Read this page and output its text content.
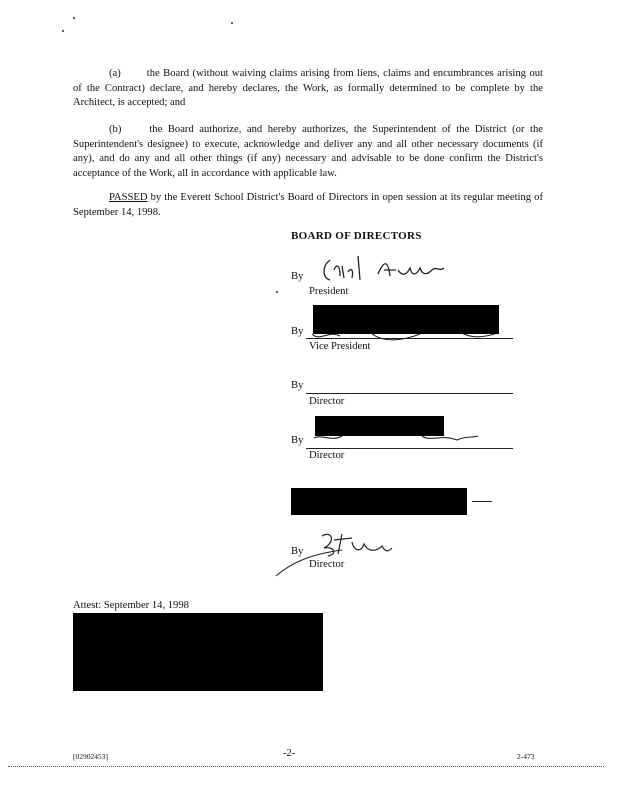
(a) the Board (without waiving claims arising from liens, claims and encumbrances arising out of the Contract) declare, and hereby declares, the Work, as formally determined to be complete by the Architect, is accepted; and
(b)	the Board authorize, and hereby authorizes, the Superintendent of the District (or the Superintendent's designee) to execute, acknowledge and deliver any and all other necessary documents (if any), and do any and all other things (if any) necessary and advisable to be done confirm the District's acceptance of the Work, all in accordance with applicable law.
PASSED by the Everett School District's Board of Directors in open session at its regular meeting of September 14, 1998.
BOARD OF DIRECTORS
By
President
By
Vice President
By
Director
By
Director
By
Director
Attest: September 14, 1998
[02902453]	-2-	2-473
